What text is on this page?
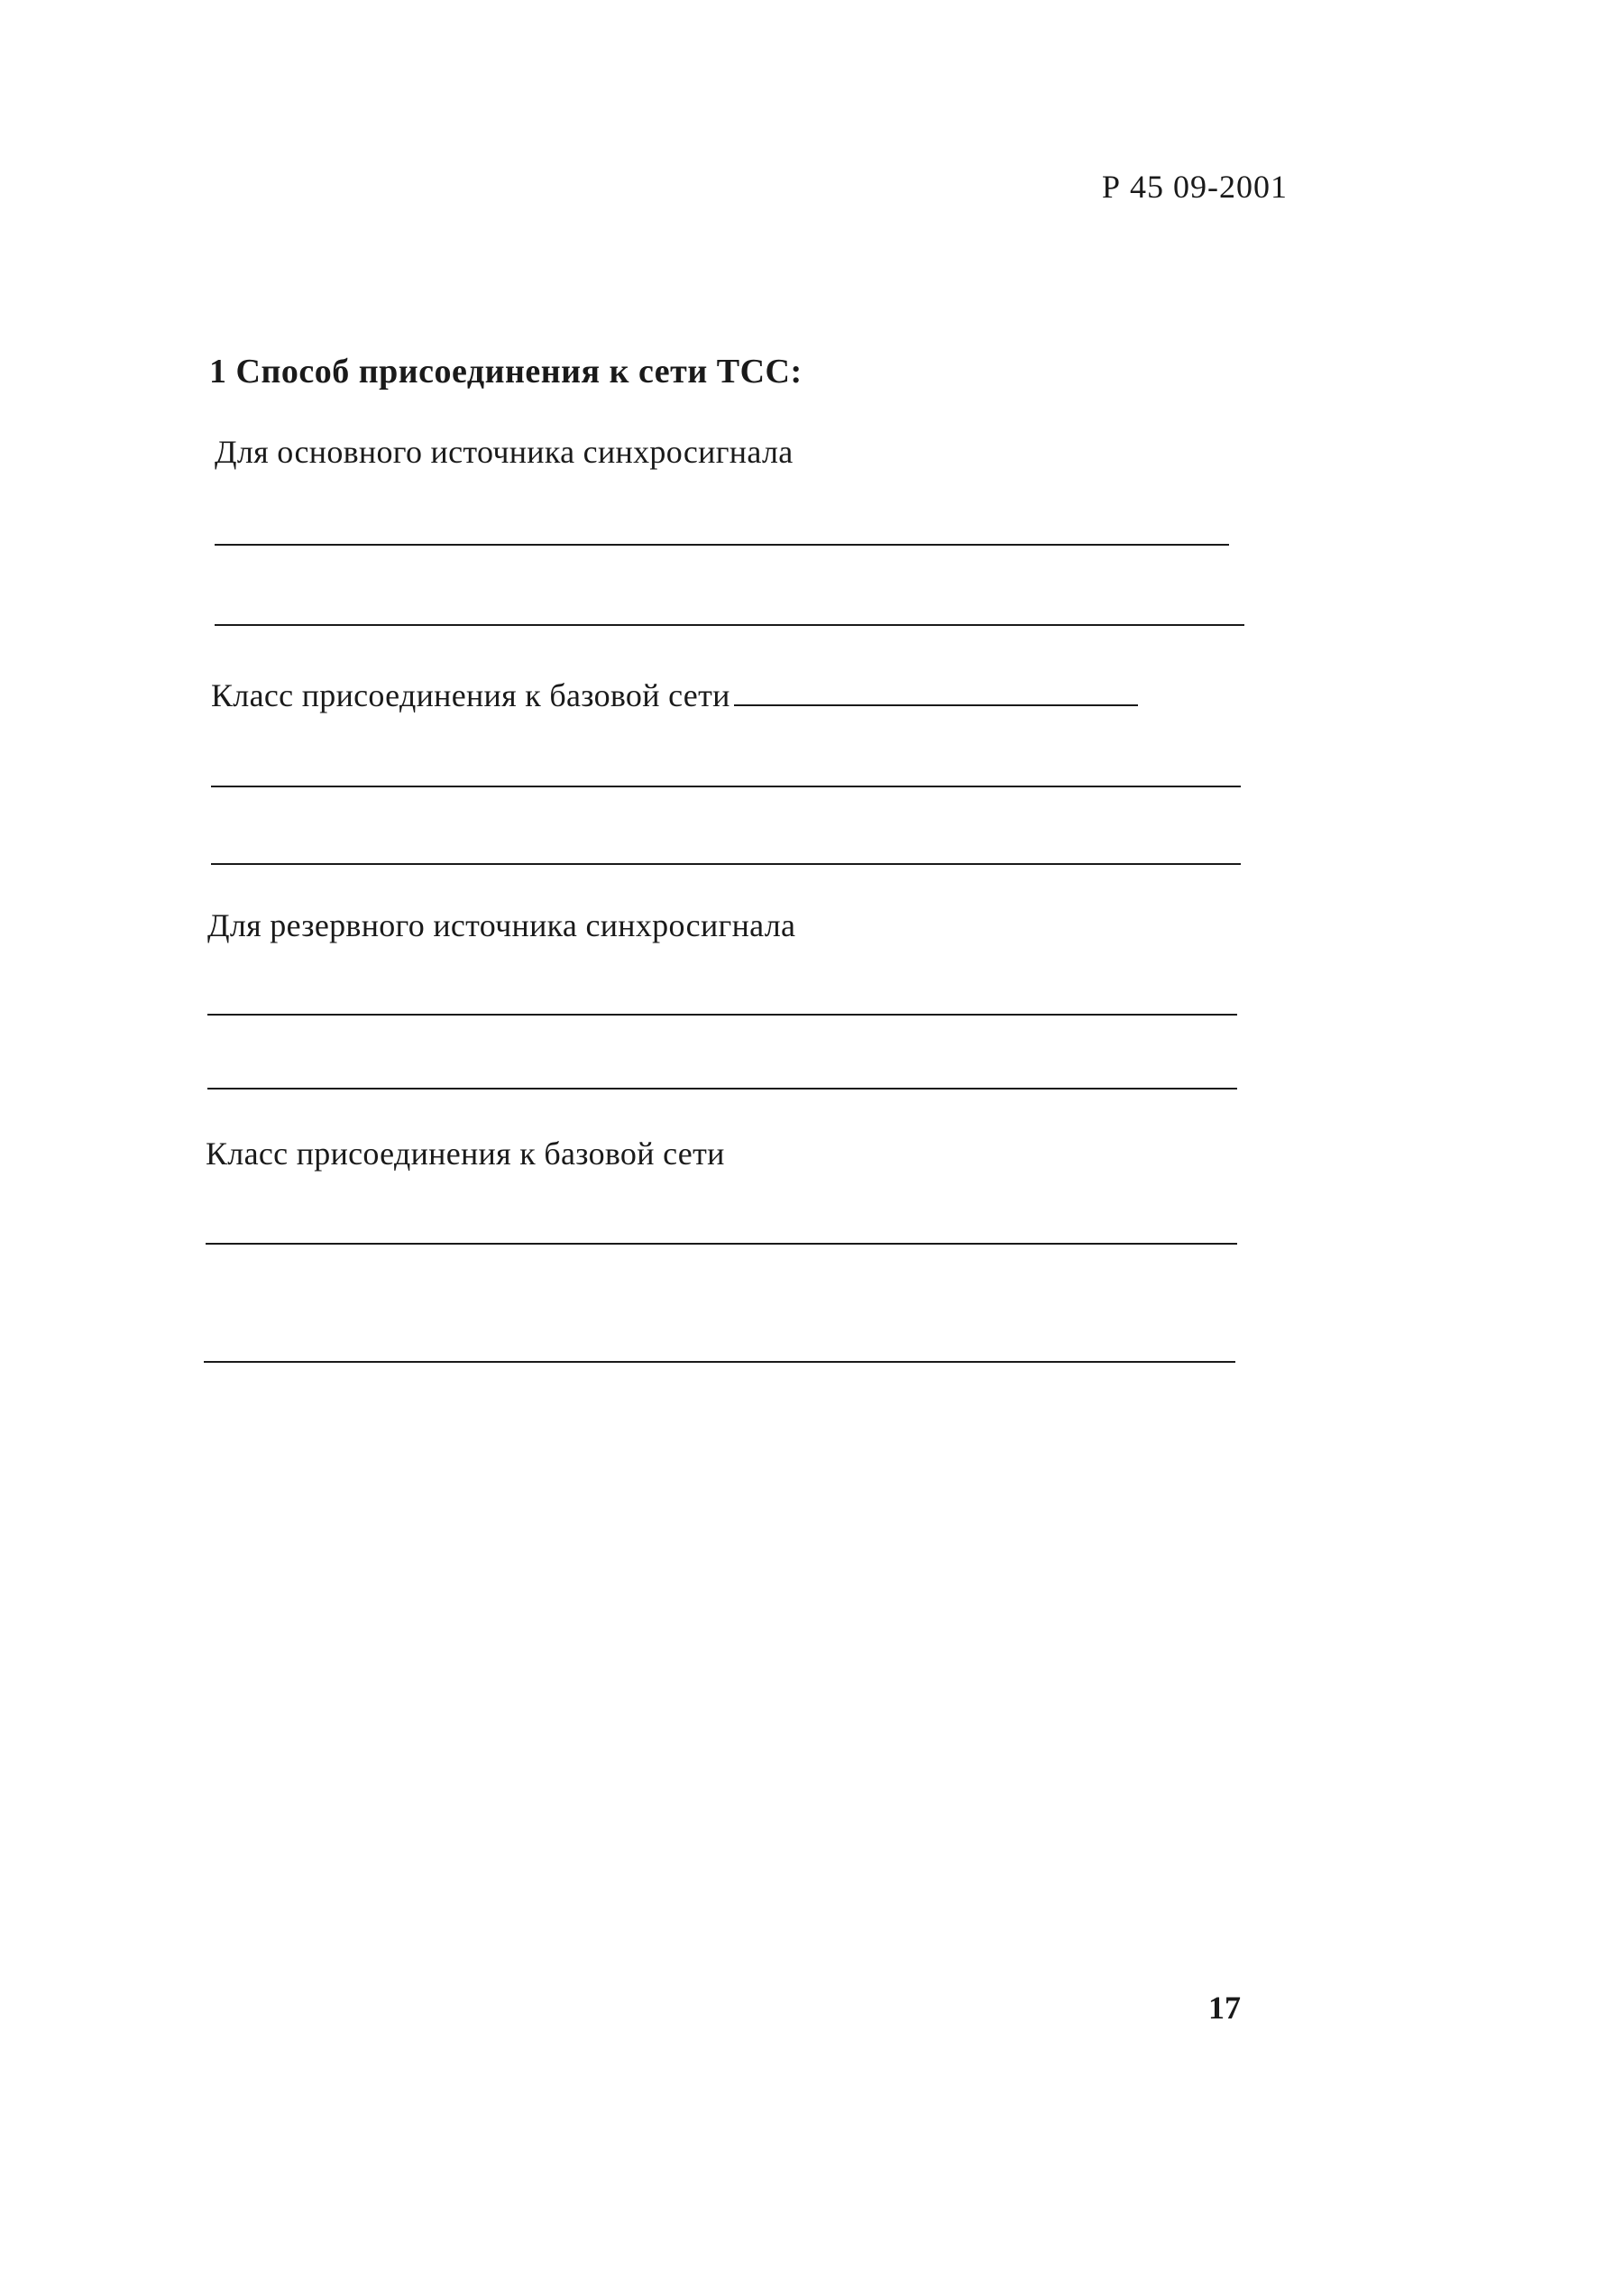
Р 45 09-2001
1 Способ присоединения к сети ТСС:
Для основного источника синхросигнала
Класс присоединения к базовой сети
Для резервного источника синхросигнала
Класс присоединения к базовой сети
17
